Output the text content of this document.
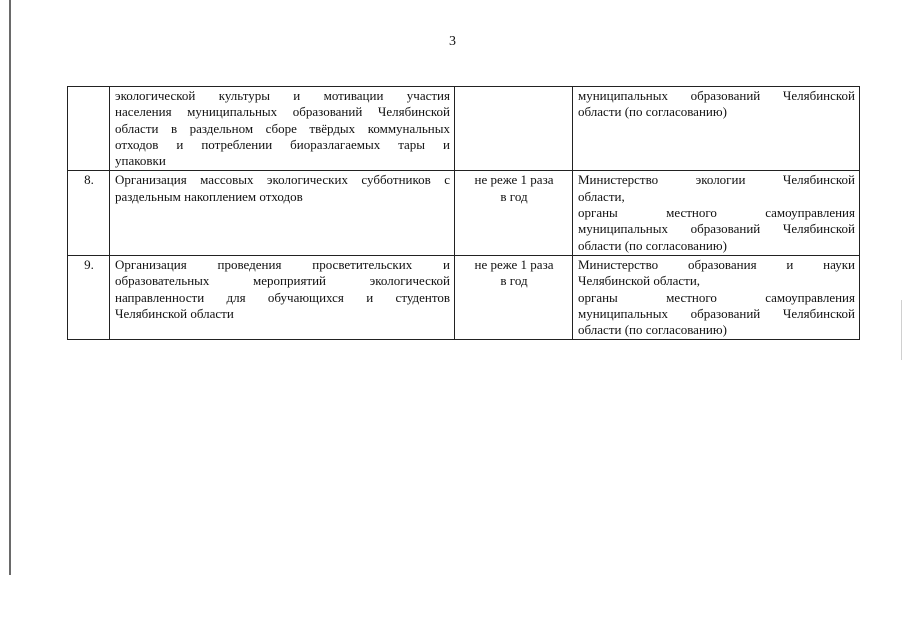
3

	экологической культуры и мотивации участия
населения муниципальных образований Челябинской
области в раздельном сборе твёрдых коммунальных
отходов и потреблении биоразлагаемых тары и
упаковки		муниципальных образований Челябинской
области (по согласованию)

8.	Организация массовых экологических субботников с
раздельным накоплением отходов	не реже 1 раза
в год	Министерство экологии Челябинской
области,
органы местного самоуправления
муниципальных образований Челябинской
области (по согласованию)

9.	Организация проведения просветительских и
образовательных мероприятий экологической
направленности для обучающихся и студентов
Челябинской области	не реже 1 раза
в год	Министерство образования и науки
Челябинской области,
органы местного самоуправления
муниципальных образований Челябинской
области (по согласованию)
